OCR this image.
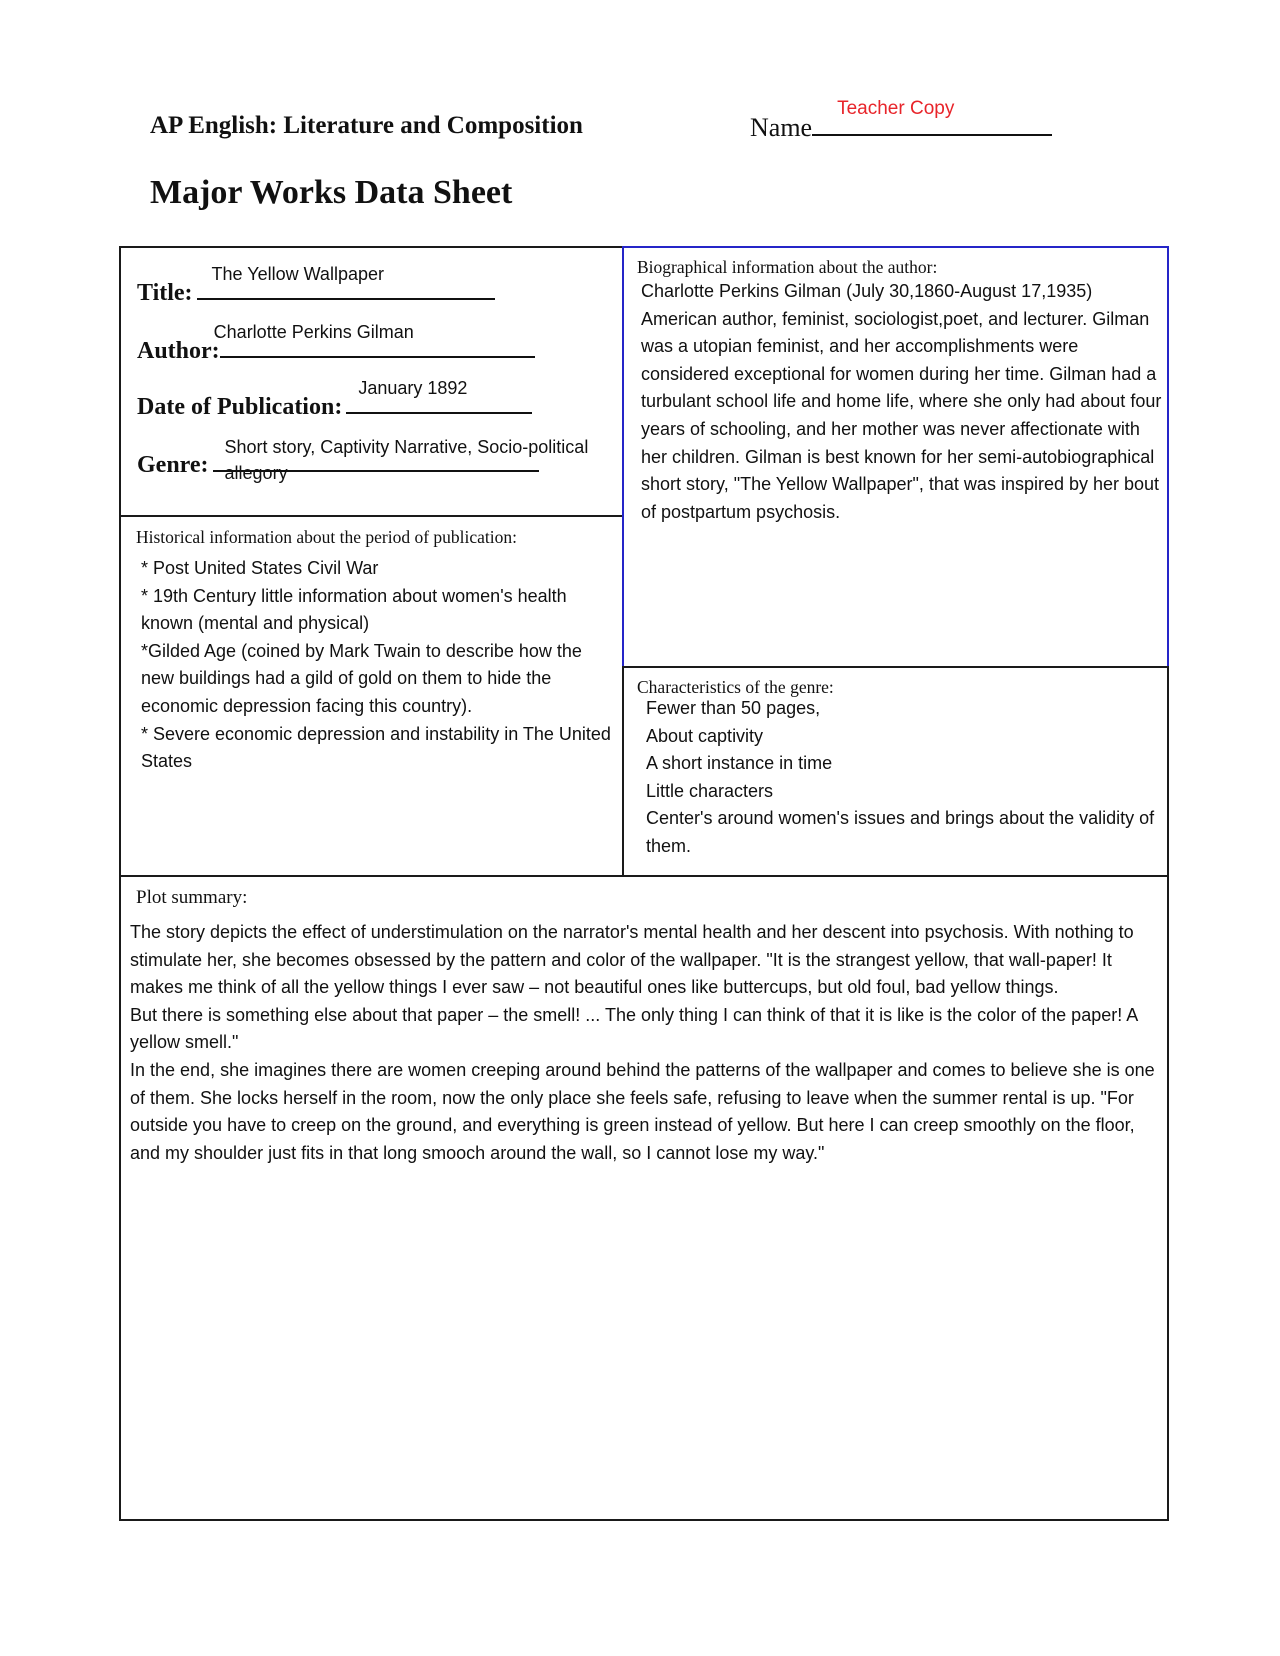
AP English: Literature and Composition	Name
Teacher Copy
Major Works Data Sheet
Title:
The Yellow Wallpaper
Author:
Charlotte Perkins Gilman
Date of Publication:
January 1892
Genre:
Short story, Captivity Narrative, Socio-political allegory
Historical information about the period of publication:

* Post United States Civil War

* 19th Century little information about women's health known (mental and physical)

*Gilded Age (coined by Mark Twain to describe how the new buildings had a gild of gold on them to hide the economic depression facing this country).

* Severe economic depression and instability in The United States

Biographical information about the author:
Charlotte Perkins Gilman (July 30,1860-August 17,1935) American author, feminist, sociologist,poet, and lecturer. Gilman was a utopian feminist, and her accomplishments were considered exceptional for women during her time. Gilman had a turbulant school life and home life, where she only had about four years of schooling, and her mother was never affectionate with her children. Gilman is best known for her semi-autobiographical short story, "The Yellow Wallpaper", that was inspired by her bout of postpartum psychosis.
Characteristics of the genre:

Fewer than 50 pages,

About captivity

A short instance in time

Little characters

Center's around women's issues and brings about the validity of them.

Plot summary:

The story depicts the effect of understimulation on the narrator's mental health and her descent into psychosis. With nothing to stimulate her, she becomes obsessed by the pattern and color of the wallpaper. "It is the strangest yellow, that wall-paper! It makes me think of all the yellow things I ever saw – not beautiful ones like buttercups, but old foul, bad yellow things.

But there is something else about that paper – the smell! ... The only thing I can think of that it is like is the color of the paper! A yellow smell."

In the end, she imagines there are women creeping around behind the patterns of the wallpaper and comes to believe she is one of them. She locks herself in the room, now the only place she feels safe, refusing to leave when the summer rental is up. "For outside you have to creep on the ground, and everything is green instead of yellow. But here I can creep smoothly on the floor, and my shoulder just fits in that long smooch around the wall, so I cannot lose my way."
